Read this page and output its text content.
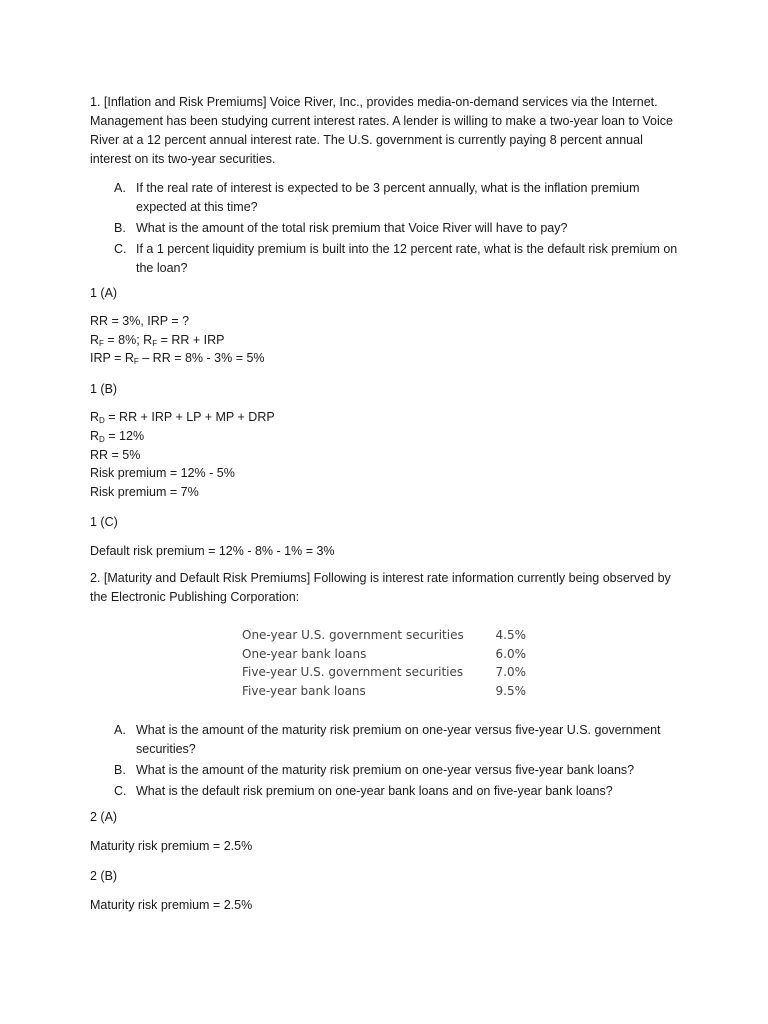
1. [Inflation and Risk Premiums] Voice River, Inc., provides media-on-demand services via the Internet. Management has been studying current interest rates. A lender is willing to make a two-year loan to Voice River at a 12 percent annual interest rate. The U.S. government is currently paying 8 percent annual interest on its two-year securities.

A. If the real rate of interest is expected to be 3 percent annually, what is the inflation premium expected at this time?
B. What is the amount of the total risk premium that Voice River will have to pay?
C. If a 1 percent liquidity premium is built into the 12 percent rate, what is the default risk premium on the loan?
1 (A)
RR = 3%, IRP = ?
$R_F = 8\%$; $R_F$ = RR + IRP
IRP = $R_F$ – RR = 8% - 3% = 5%
1 (B)
$R_D$ = RR + IRP + LP + MP + DRP
$R_D = 12\%$
RR = 5%
Risk premium = 12% - 5%
Risk premium = 7%
1 (C)
Default risk premium = 12% - 8% - 1% = 3%

2. [Maturity and Default Risk Premiums] Following is interest rate information currently being observed by the Electronic Publishing Corporation:

One-year U.S. government securities	4.5%
One-year bank loans	6.0%
Five-year U.S. government securities	7.0%
Five-year bank loans	9.5%
A. What is the amount of the maturity risk premium on one-year versus five-year U.S. government securities?
B. What is the amount of the maturity risk premium on one-year versus five-year bank loans?
C. What is the default risk premium on one-year bank loans and on five-year bank loans?
2 (A)
Maturity risk premium = 2.5%
2 (B)
Maturity risk premium = 2.5%
